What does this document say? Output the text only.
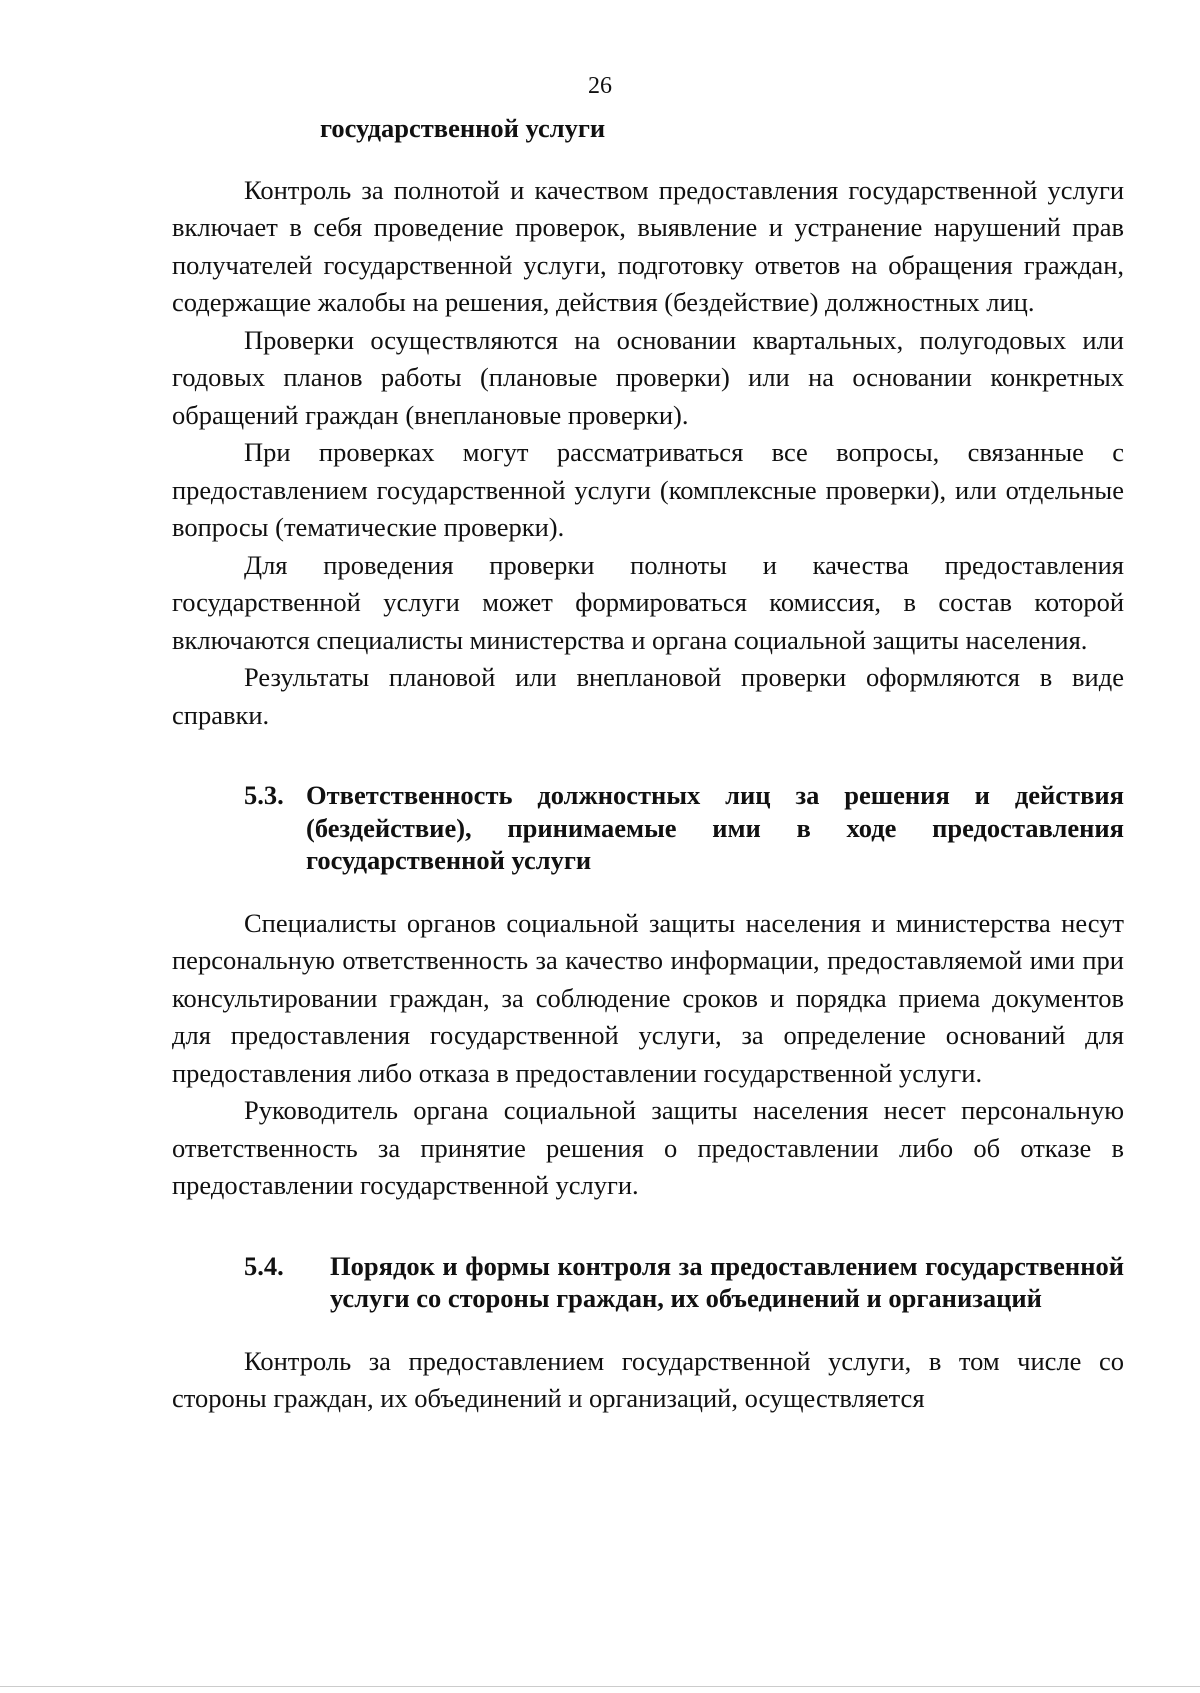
26
государственной услуги

Контроль за полнотой и качеством предоставления государственной услуги включает в себя проведение проверок, выявление и устранение нарушений прав получателей государственной услуги, подготовку ответов на обращения граждан, содержащие жалобы на решения, действия (бездействие) должностных лиц.

Проверки осуществляются на основании квартальных, полугодовых или годовых планов работы (плановые проверки) или на основании конкретных обращений граждан (внеплановые проверки).

При проверках могут рассматриваться все вопросы, связанные с предоставлением государственной услуги (комплексные проверки), или отдельные вопросы (тематические проверки).

Для проведения проверки полноты и качества предоставления государственной услуги может формироваться комиссия, в состав которой включаются специалисты министерства и органа социальной защиты населения.

Результаты плановой или внеплановой проверки оформляются в виде справки.

5.3. Ответственность должностных лиц за решения и действия (бездействие), принимаемые ими в ходе предоставления государственной услуги

Специалисты органов социальной защиты населения и министерства несут персональную ответственность за качество информации, предоставляемой ими при консультировании граждан, за соблюдение сроков и порядка приема документов для предоставления государственной услуги, за определение оснований для предоставления либо отказа в предоставлении государственной услуги.

Руководитель органа социальной защиты населения несет персональную ответственность за принятие решения о предоставлении либо об отказе в предоставлении государственной услуги.

5.4.	Порядок и формы контроля за предоставлением государственной услуги со стороны граждан, их объединений и организаций

Контроль за предоставлением государственной услуги, в том числе со стороны граждан, их объединений и организаций, осуществляется
